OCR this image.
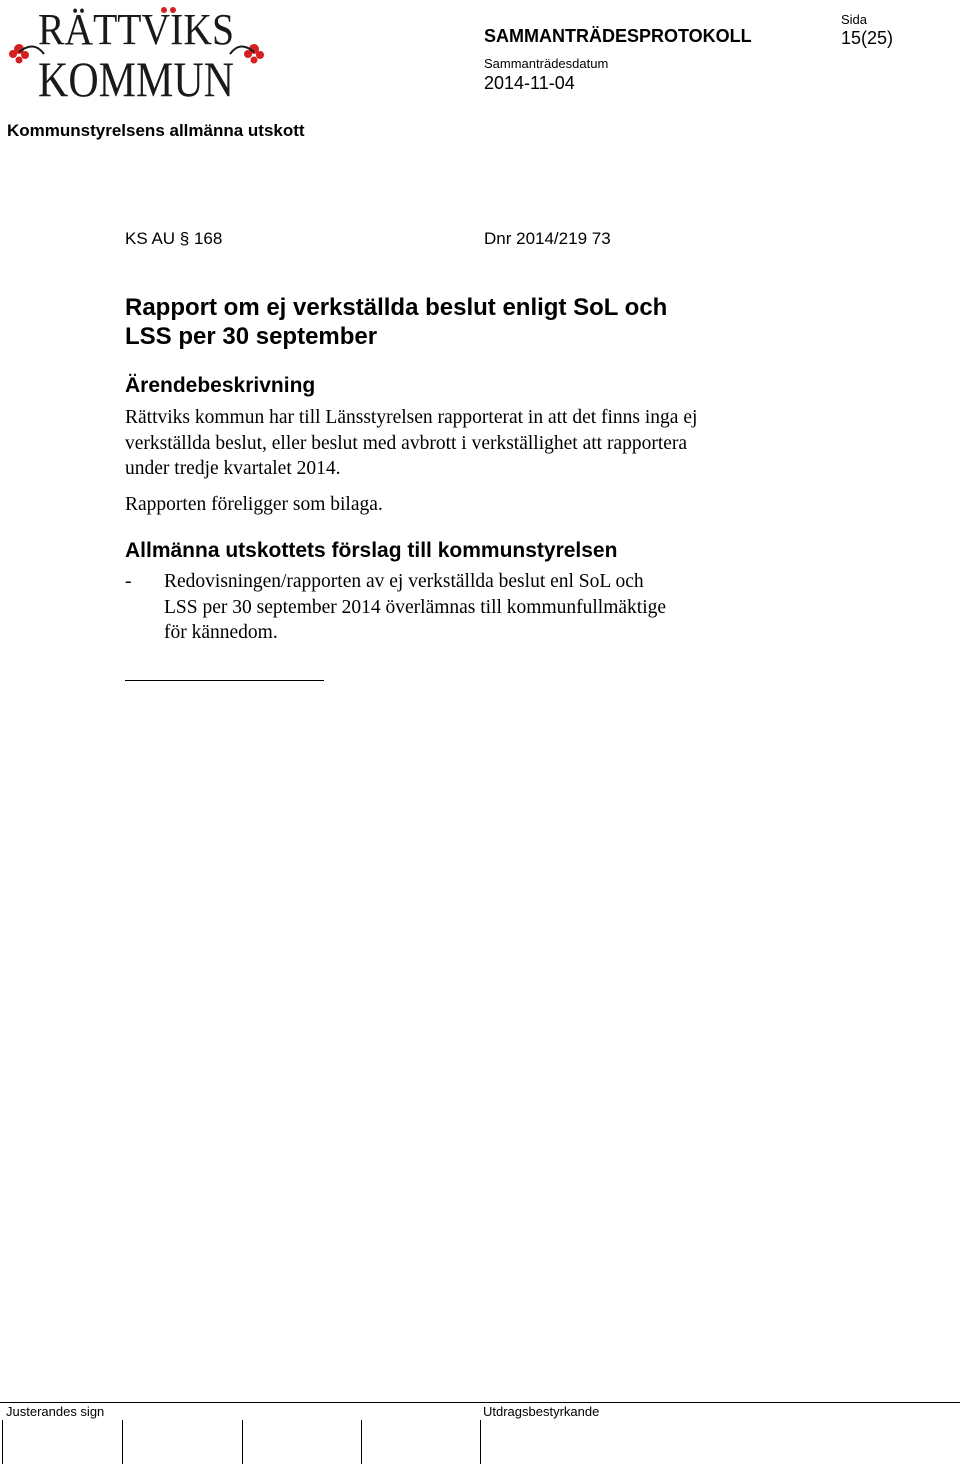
RÄTTVIKS
KOMMUN
SAMMANTRÄDESPROTOKOLL
Sida
15(25)
Sammanträdesdatum
2014-11-04
Kommunstyrelsens allmänna utskott
KS AU § 168	Dnr 2014/219 73
Rapport om ej verkställda beslut enligt SoL och
LSS per 30 september
Ärendebeskrivning
Rättviks kommun har till Länsstyrelsen rapporterat in att det finns inga ej
verkställda beslut, eller beslut med avbrott i verkställighet att rapportera
under tredje kvartalet 2014.
Rapporten föreligger som bilaga.
Allmänna utskottets förslag till kommunstyrelsen
- Redovisningen/rapporten av ej verkställda beslut enl SoL och
LSS per 30 september 2014 överlämnas till kommunfullmäktige
för kännedom.
Justerandes sign	Utdragsbestyrkande
